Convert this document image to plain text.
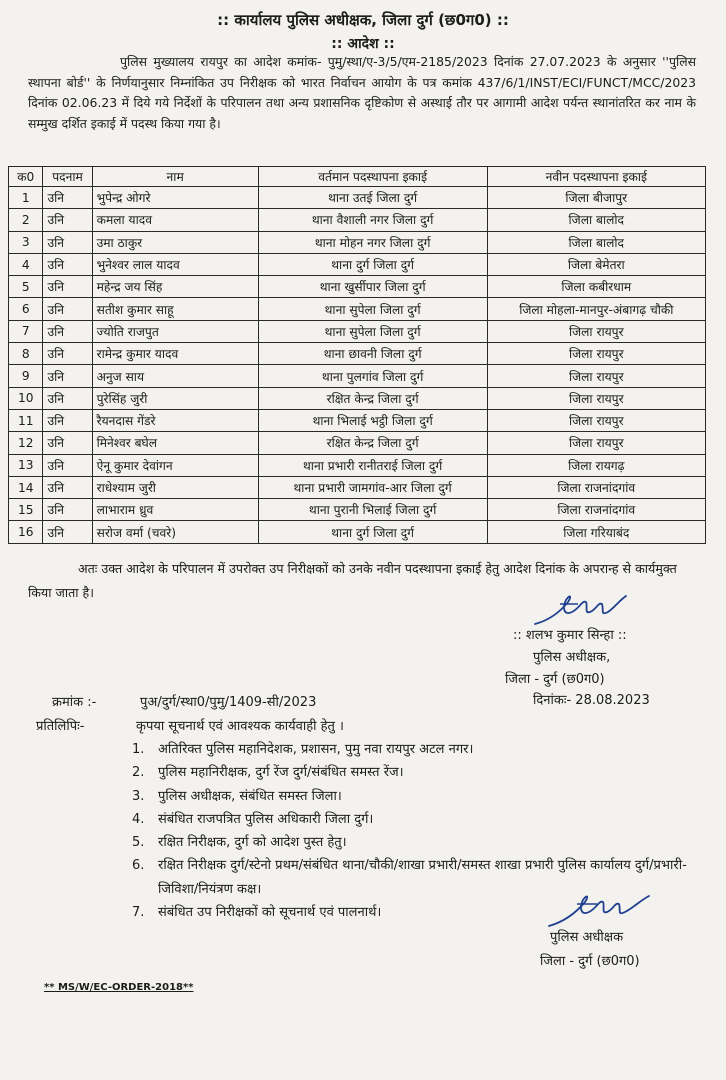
:: कार्यालय पुलिस अधीक्षक, जिला दुर्ग (छ0ग0) ::
:: आदेश ::
पुलिस मुख्यालय रायपुर का आदेश कमांक- पुमु/स्था/ए-3/5/एम-2185/2023 दिनांक 27.07.2023 के अनुसार ''पुलिस स्थापना बोर्ड'' के निर्णयानुसार निम्नांकित उप निरीक्षक को भारत निर्वाचन आयोग के पत्र कमांक 437/6/1/INST/ECI/FUNCT/MCC/2023 दिनांक 02.06.23 में दिये गये निर्देशों के परिपालन तथा अन्य प्रशासनिक दृष्टिकोण से अस्थाई तौर पर आगामी आदेश पर्यन्त स्थानांतरित कर नाम के सम्मुख दर्शित इकाई में पदस्थ किया गया है।
क0	पदनाम	नाम	वर्तमान पदस्थापना इकाई	नवीन पदस्थापना इकाई
1	उनि	भुपेन्द्र ओगरे	थाना उतई जिला दुर्ग	जिला बीजापुर
2	उनि	कमला यादव	थाना वैशाली नगर जिला दुर्ग	जिला बालोद
3	उनि	उमा ठाकुर	थाना मोहन नगर जिला दुर्ग	जिला बालोद
4	उनि	भुनेश्वर लाल यादव	थाना दुर्ग जिला दुर्ग	जिला बेमेतरा
5	उनि	महेन्द्र जय सिंह	थाना खुर्सीपार जिला दुर्ग	जिला कबीरधाम
6	उनि	सतीश कुमार साहू	थाना सुपेला जिला दुर्ग	जिला मोहला-मानपुर-अंबागढ़ चौकी
7	उनि	ज्योति राजपुत	थाना सुपेला जिला दुर्ग	जिला रायपुर
8	उनि	रामेन्द्र कुमार यादव	थाना छावनी जिला दुर्ग	जिला रायपुर
9	उनि	अनुज साय	थाना पुलगांव जिला दुर्ग	जिला रायपुर
10	उनि	पुरेसिंह जुरी	रक्षित केन्द्र जिला दुर्ग	जिला रायपुर
11	उनि	रैयनदास गेंडरे	थाना भिलाई भट्ठी जिला दुर्ग	जिला रायपुर
12	उनि	मिनेश्वर बघेल	रक्षित केन्द्र जिला दुर्ग	जिला रायपुर
13	उनि	ऐनू कुमार देवांगन	थाना प्रभारी रानीतराई जिला दुर्ग	जिला रायगढ़
14	उनि	राधेश्याम जुरी	थाना प्रभारी जामगांव-आर जिला दुर्ग	जिला राजनांदगांव
15	उनि	लाभाराम ध्रुव	थाना पुरानी भिलाई जिला दुर्ग	जिला राजनांदगांव
16	उनि	सरोज वर्मा (चवरे)	थाना दुर्ग जिला दुर्ग	जिला गरियाबंद
अतः उक्त आदेश के परिपालन में उपरोक्त उप निरीक्षकों को उनके नवीन पदस्थापना इकाई हेतु आदेश दिनांक के अपरान्ह से कार्यमुक्त किया जाता है।
:: शलभ कुमार सिन्हा ::
पुलिस अधीक्षक,
जिला - दुर्ग (छ0ग0)
दिनांकः- 28.08.2023
क्रमांक :-	पुअ/दुर्ग/स्था0/पुमु/1409-सी/2023
प्रतिलिपिः-	कृपया सूचनार्थ एवं आवश्यक कार्यवाही हेतु ।
1. अतिरिक्त पुलिस महानिदेशक, प्रशासन, पुमु नवा रायपुर अटल नगर।
2. पुलिस महानिरीक्षक, दुर्ग रेंज दुर्ग/संबंधित समस्त रेंज।
3. पुलिस अधीक्षक, संबंधित समस्त जिला।
4. संबंधित राजपत्रित पुलिस अधिकारी जिला दुर्ग।
5. रक्षित निरीक्षक, दुर्ग को आदेश पुस्त हेतु।
6. रक्षित निरीक्षक दुर्ग/स्टेनो प्रथम/संबंधित थाना/चौकी/शाखा प्रभारी/समस्त शाखा प्रभारी पुलिस कार्यालय दुर्ग/प्रभारी- जिविशा/नियंत्रण कक्ष।
7. संबंधित उप निरीक्षकों को सूचनार्थ एवं पालनार्थ।
पुलिस अधीक्षक
जिला - दुर्ग (छ0ग0)
** MS/W/EC-ORDER-2018**
